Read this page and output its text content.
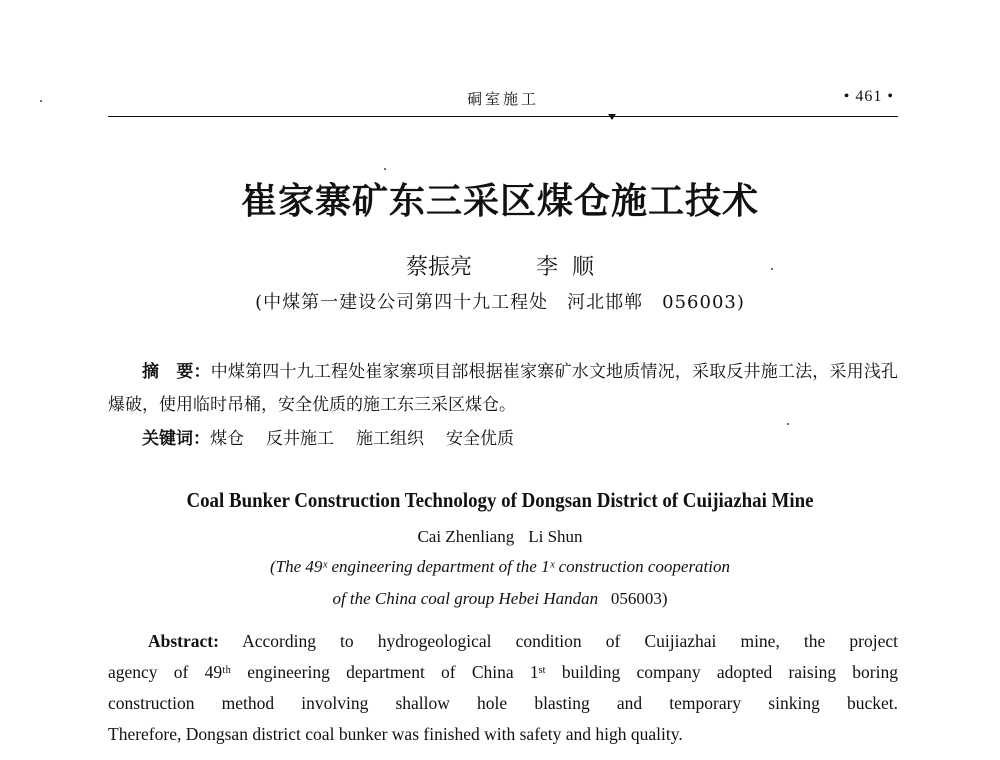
硐室施工	• 461 •
崔家寨矿东三采区煤仓施工技术
蔡振亮	李  顺
(中煤第一建设公司第四十九工程处　河北邯郸　056003)
摘　要：中煤第四十九工程处崔家寨项目部根据崔家寨矿水文地质情况，采取反井施工法，采用浅孔爆破，使用临时吊桶，安全优质的施工东三采区煤仓。
关键词：煤仓 反井施工 施工组织 安全优质
Coal Bunker Construction Technology of Dongsan District of Cuijiazhai Mine
Cai Zhenliang Li Shun
(The 49ˣ engineering department of the 1ˣ construction cooperation
of the China coal group Hebei Handan 056003)
Abstract: According to hydrogeological condition of Cuijiazhai mine, the project
agency of 49ᵗʰ engineering department of China 1ˢᵗ building company adopted raising boring
construction method involving shallow hole blasting and temporary sinking bucket.
Therefore, Dongsan district coal bunker was finished with safety and high quality.
